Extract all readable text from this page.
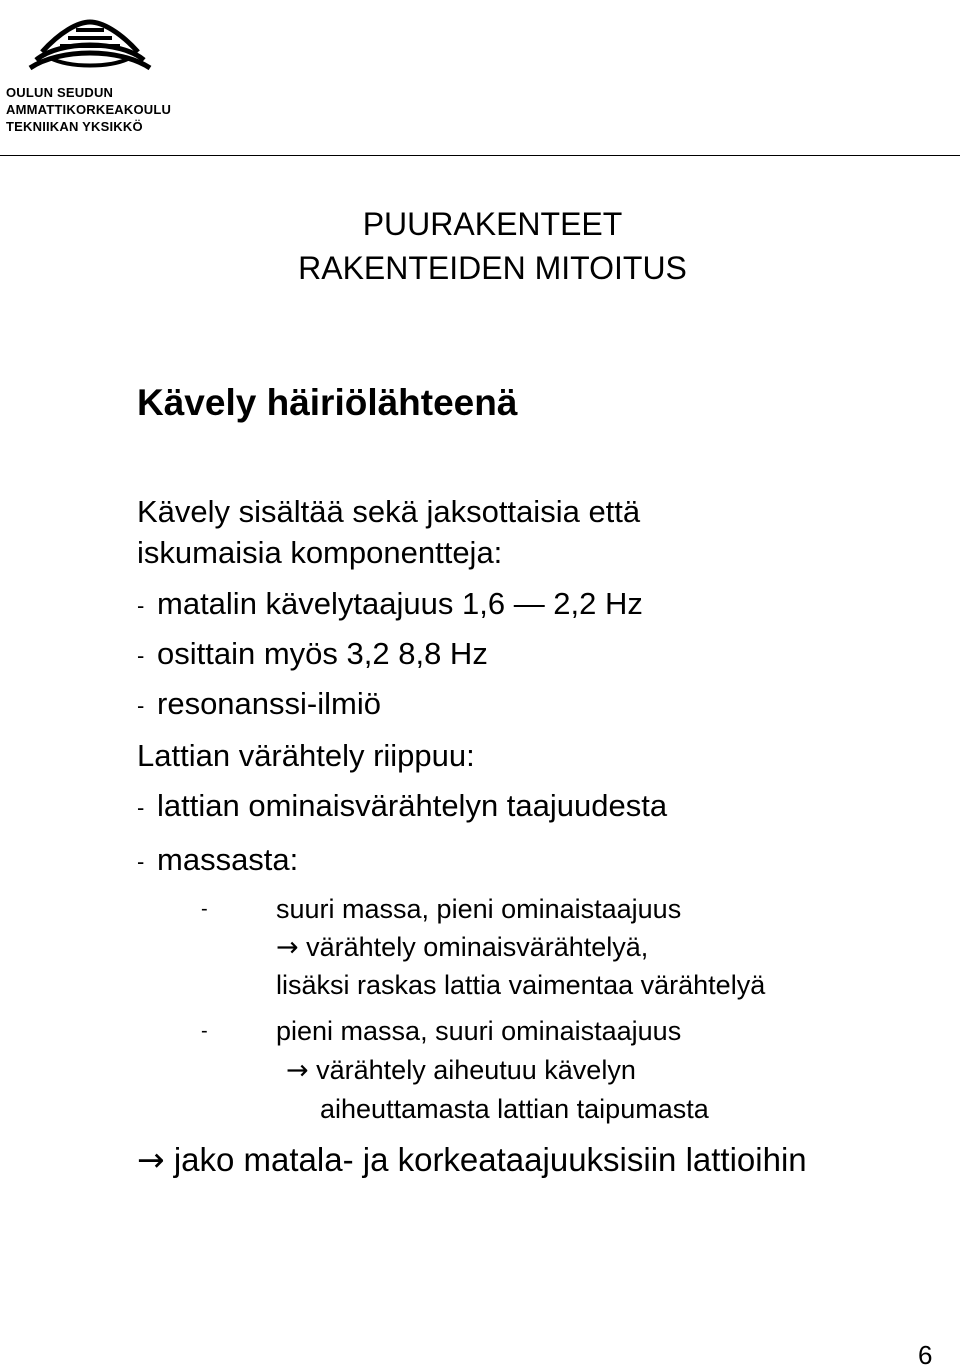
OULUN SEUDUN
AMMATTIKORKEAKOULU
TEKNIIKAN YKSIKKÖ
PUURAKENTEET
RAKENTEIDEN MITOITUS
Kävely häiriölähteenä
Kävely sisältää sekä jaksottaisia että
iskumaisia komponentteja:
- matalin kävelytaajuus 1,6 — 2,2 Hz
- osittain myös 3,2 8,8 Hz
- resonanssi-ilmiö
Lattian värähtely riippuu:
- lattian ominaisvärähtelyn taajuudesta
- massasta:
-	suuri massa, pieni ominaistaajuus
→ värähtely ominaisvärähtelyä,
lisäksi raskas lattia vaimentaa värähtelyä
-	pieni massa, suuri ominaistaajuus
→ värähtely aiheutuu kävelyn
aiheuttamasta lattian taipumasta
→ jako matala- ja korkeataajuuksisiin lattioihin
6
